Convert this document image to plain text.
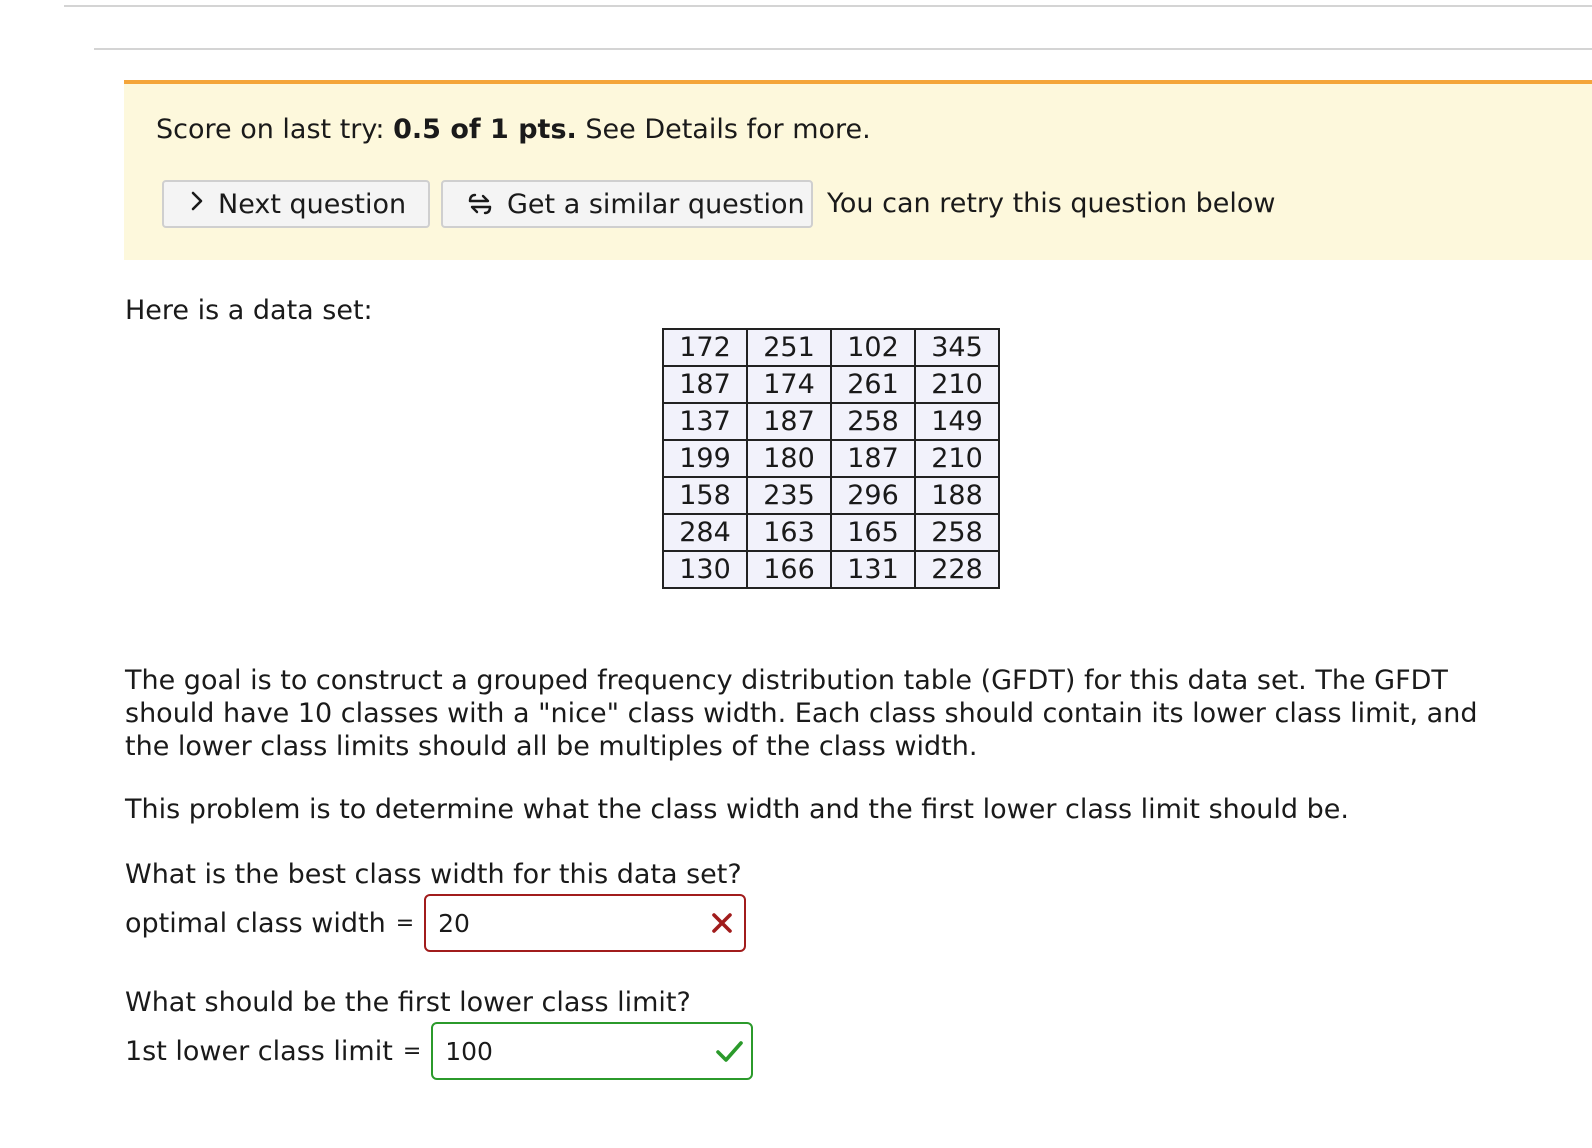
Score on last try: 0.5 of 1 pts. See Details for more.
Next question	Get a similar question You can retry this question below
Here is a data set:
172	251	102	345
187	174	261	210
137	187	258	149
199	180	187	210
158	235	296	188
284	163	165	258
130	166	131	228
The goal is to construct a grouped frequency distribution table (GFDT) for this data set. The GFDT should have 10 classes with a "nice" class width. Each class should contain its lower class limit, and the lower class limits should all be multiples of the class width.
This problem is to determine what the class width and the first lower class limit should be.
What is the best class width for this data set?
optimal class width = 20
What should be the first lower class limit?
1st lower class limit = 100
